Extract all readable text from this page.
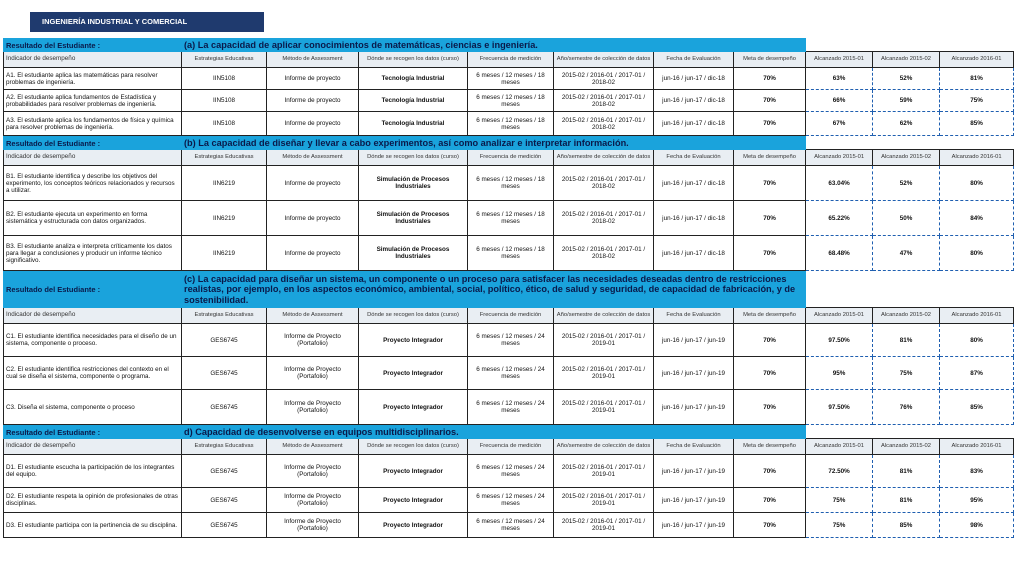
INGENIERÍA INDUSTRIAL Y COMERCIAL
Resultado del Estudiante :	(a) La capacidad de aplicar conocimientos de matemáticas, ciencias e ingeniería.									
Indicador de desempeño	Estrategias Educativas	Método de Assessment	Dónde se recogen los datos (curso)	Frecuencia de medición	Año/semestre de colección de datos	Fecha de Evaluación	Meta de desempeño	Alcanzado 2015-01	Alcanzado 2015-02	Alcanzado 2016-01
A1. El estudiante aplica las matemáticas para resolver problemas de ingeniería.	IIN5108	Informe de proyecto	Tecnología Industrial	6 meses / 12 meses / 18 meses	2015-02 / 2016-01 / 2017-01 / 2018-02	jun-16 / jun-17 / dic-18	70%	63%	52%	81%
A2. El estudiante aplica fundamentos de Estadística y probabilidades para resolver problemas de ingeniería.	IIN5108	Informe de proyecto	Tecnología Industrial	6 meses / 12 meses / 18 meses	2015-02 / 2016-01 / 2017-01 / 2018-02	jun-16 / jun-17 / dic-18	70%	66%	59%	75%
A3. El estudiante aplica los fundamentos de física y química para resolver problemas de ingeniería.	IIN5108	Informe de proyecto	Tecnología Industrial	6 meses / 12 meses / 18 meses	2015-02 / 2016-01 / 2017-01 / 2018-02	jun-16 / jun-17 / dic-18	70%	67%	62%	85%
Resultado del Estudiante :	(b) La capacidad de diseñar y llevar a cabo experimentos, así como analizar e interpretar información.									
Indicador de desempeño	Estrategias Educativas	Método de Assessment	Dónde se recogen los datos (curso)	Frecuencia de medición	Año/semestre de colección de datos	Fecha de Evaluación	Meta de desempeño	Alcanzado 2015-01	Alcanzado 2015-02	Alcanzado 2016-01
B1. El estudiante identifica y describe los objetivos del experimento, los conceptos teóricos relacionados y recursos a utilizar.	IIN6219	Informe de proyecto	Simulación de Procesos Industriales	6 meses / 12 meses / 18 meses	2015-02 / 2016-01 / 2017-01 / 2018-02	jun-16 / jun-17 / dic-18	70%	63.04%	52%	80%
B2. El estudiante ejecuta un experimento en forma sistemática y estructurada con datos organizados.	IIN6219	Informe de proyecto	Simulación de Procesos Industriales	6 meses / 12 meses / 18 meses	2015-02 / 2016-01 / 2017-01 / 2018-02	jun-16 / jun-17 / dic-18	70%	65.22%	50%	84%
B3. El estudiante analiza e interpreta críticamente los datos para llegar a conclusiones y producir un informe técnico significativo.	IIN6219	Informe de proyecto	Simulación de Procesos Industriales	6 meses / 12 meses / 18 meses	2015-02 / 2016-01 / 2017-01 / 2018-02	jun-16 / jun-17 / dic-18	70%	68.48%	47%	80%
Resultado del Estudiante :	(c) La capacidad para diseñar un sistema, un componente o un proceso para satisfacer las necesidades deseadas dentro de restricciones realistas, por ejemplo, en los aspectos económico, ambiental, social, político, ético, de salud y seguridad, de capacidad de fabricación, y de sostenibilidad.									
Indicador de desempeño	Estrategias Educativas	Método de Assessment	Dónde se recogen los datos (curso)	Frecuencia de medición	Año/semestre de colección de datos	Fecha de Evaluación	Meta de desempeño	Alcanzado 2015-01	Alcanzado 2015-02	Alcanzado 2016-01
C1. El estudiante identifica necesidades para el diseño de un sistema, componente o proceso.	GES6745	Informe de Proyecto (Portafolio)	Proyecto Integrador	6 meses / 12 meses / 24 meses	2015-02 / 2016-01 / 2017-01 / 2019-01	jun-16 / jun-17 / jun-19	70%	97.50%	81%	80%
C2. El estudiante identifica restricciones del contexto en el cual se diseña el sistema, componente o programa.	GES6745	Informe de Proyecto (Portafolio)	Proyecto Integrador	6 meses / 12 meses / 24 meses	2015-02 / 2016-01 / 2017-01 / 2019-01	jun-16 / jun-17 / jun-19	70%	95%	75%	87%
C3. Diseña el sistema, componente o proceso	GES6745	Informe de Proyecto (Portafolio)	Proyecto Integrador	6 meses / 12 meses / 24 meses	2015-02 / 2016-01 / 2017-01 / 2019-01	jun-16 / jun-17 / jun-19	70%	97.50%	76%	85%
Resultado del Estudiante :	d) Capacidad de desenvolverse en equipos multidisciplinarios.									
Indicador de desempeño	Estrategias Educativas	Método de Assessment	Dónde se recogen los datos (curso)	Frecuencia de medición	Año/semestre de colección de datos	Fecha de Evaluación	Meta de desempeño	Alcanzado 2015-01	Alcanzado 2015-02	Alcanzado 2016-01
D1. El estudiante escucha la participación de los integrantes del equipo.	GES6745	Informe de Proyecto (Portafolio)	Proyecto Integrador	6 meses / 12 meses / 24 meses	2015-02 / 2016-01 / 2017-01 / 2019-01	jun-16 / jun-17 / jun-19	70%	72.50%	81%	83%
D2. El estudiante respeta la opinión de profesionales de otras disciplinas.	GES6745	Informe de Proyecto (Portafolio)	Proyecto Integrador	6 meses / 12 meses / 24 meses	2015-02 / 2016-01 / 2017-01 / 2019-01	jun-16 / jun-17 / jun-19	70%	75%	81%	95%
D3. El estudiante participa con la pertinencia de su disciplina.	GES6745	Informe de Proyecto (Portafolio)	Proyecto Integrador	6 meses / 12 meses / 24 meses	2015-02 / 2016-01 / 2017-01 / 2019-01	jun-16 / jun-17 / jun-19	70%	75%	85%	98%
